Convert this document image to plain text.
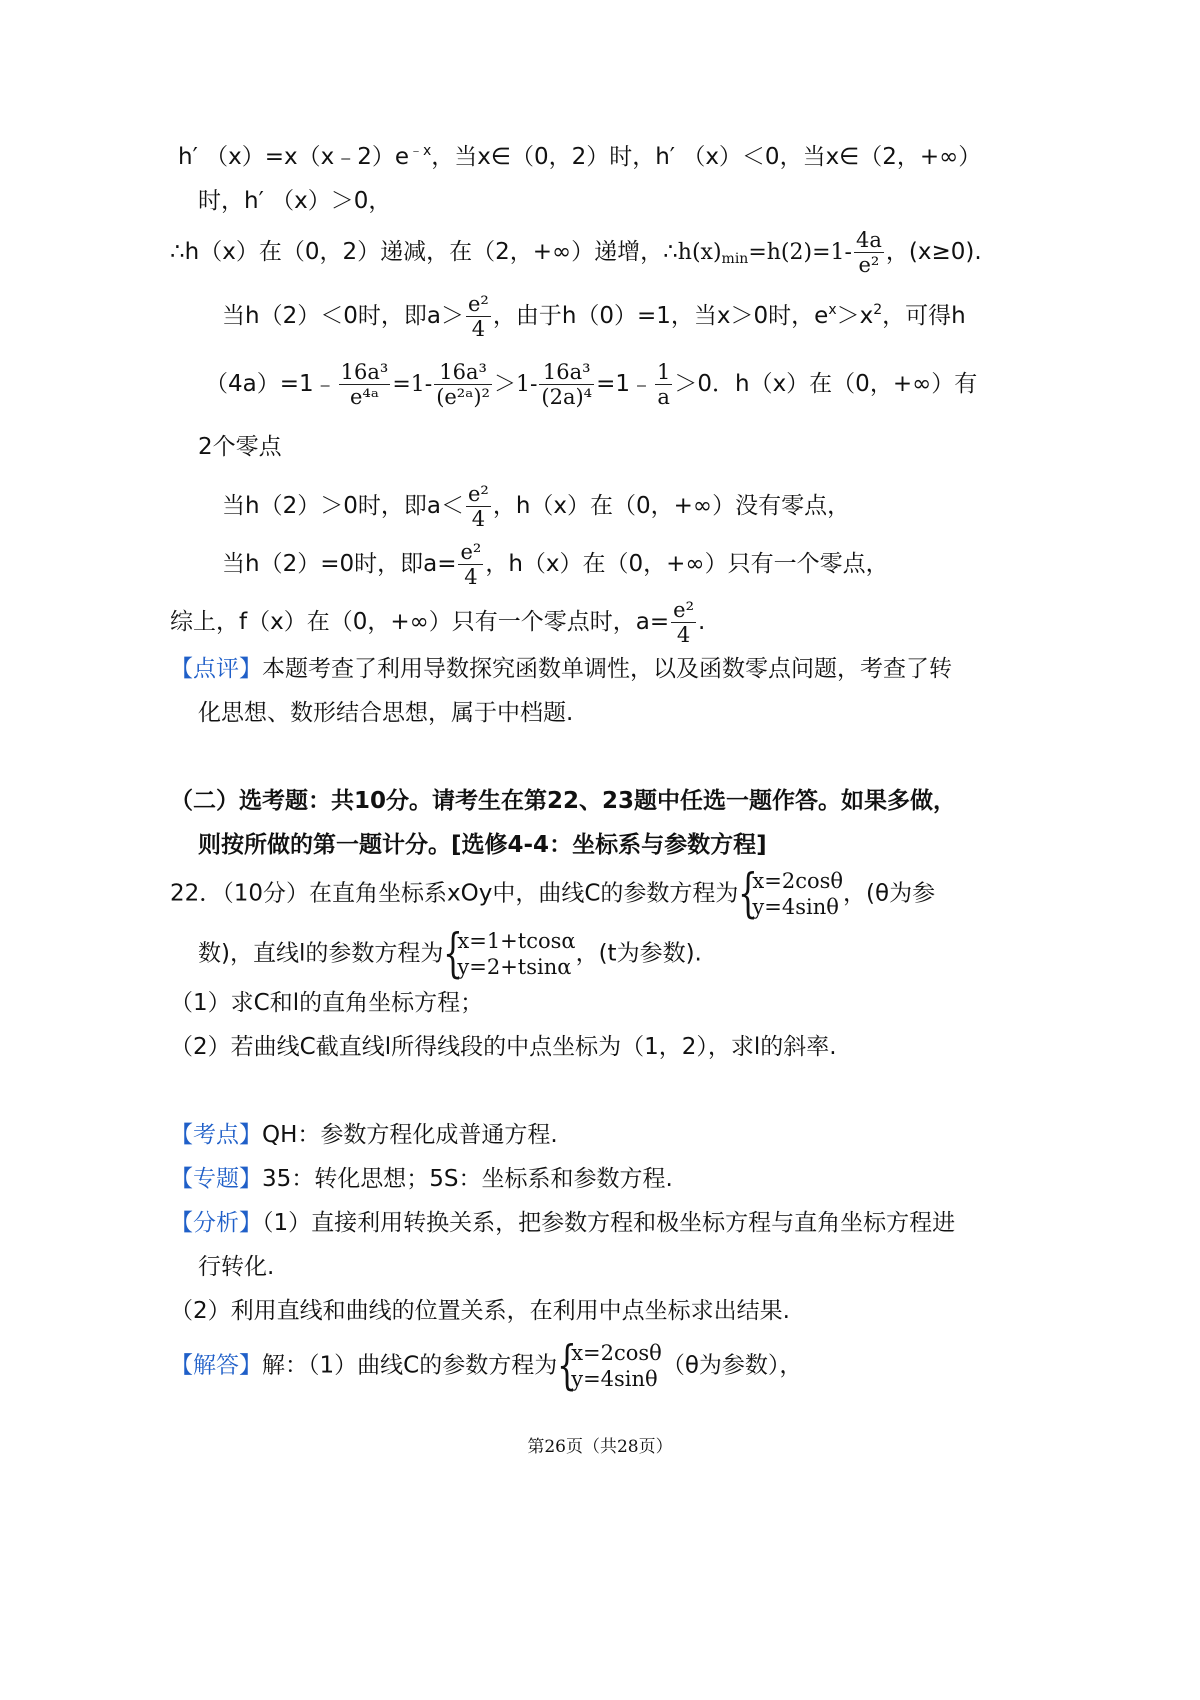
h′ $(x)=x(x﹣2)e^{﹣x}$，当x∈（0，2）时，h′ （x）＜0，当x∈（2，+∞）
时，h′ （x）＞0，
∴h（x）在（0，2）递减，在（2，+∞）递增，$\therefore h(x)_{min}=h(2)=1- \frac{4a}{\text{e²}}$ ，(x≥0).
当h（2）＜0时，即$a> \frac{\text{e²}}{4}$ ，由于h（0）=1，当x＞0时，$e^x>x^2$，可得h
（4a）=1﹣ $\frac{\text{16a³}}{\text{e⁴ᵃ}} =1- \frac{\text{16a³}}{\text{(e²ᵃ)²}} >1- \frac{\text{16a³}}{\text{(2a)⁴}}$ =1﹣ $\frac{1}{a} >0$．h（x）在（0，+∞）有
2个零点
当h（2）＞0时，即$a< \frac{\text{e²}}{4}$ ，h（x）在（0，+∞）没有零点，
当h（2）=0时，即$a= \frac{\text{e²}}{4}$ ，h（x）在（0，+∞）只有一个零点，
综上，f（x）在（0，+∞）只有一个零点时，$a= \frac{\text{e²}}{4}$ .
【点评】本题考查了利用导数探究函数单调性，以及函数零点问题，考查了转
化思想、数形结合思想，属于中档题.
（二）选考题：共10分。请考生在第22、23题中任选一题作答。如果多做，
则按所做的第一题计分。[选修4-4：坐标系与参数方程]
22．（10分）在直角坐标系xOy中，曲线C的参数方程为 {
x=2cosθ
y=4sinθ
，(θ为参
数)，直线l的参数方程为 {
x=1+tcosα
y=2+tsinα
，(t为参数).
（1）求C和l的直角坐标方程；
（2）若曲线C截直线l所得线段的中点坐标为（1，2），求l的斜率.
【考点】QH：参数方程化成普通方程.
【专题】35：转化思想；5S：坐标系和参数方程.
【分析】（1）直接利用转换关系，把参数方程和极坐标方程与直角坐标方程进
行转化.
（2）利用直线和曲线的位置关系，在利用中点坐标求出结果.
【解答】解：（1）曲线C的参数方程为 {
x=2cosθ
y=4sinθ
（θ为参数），
第26页（共28页）
